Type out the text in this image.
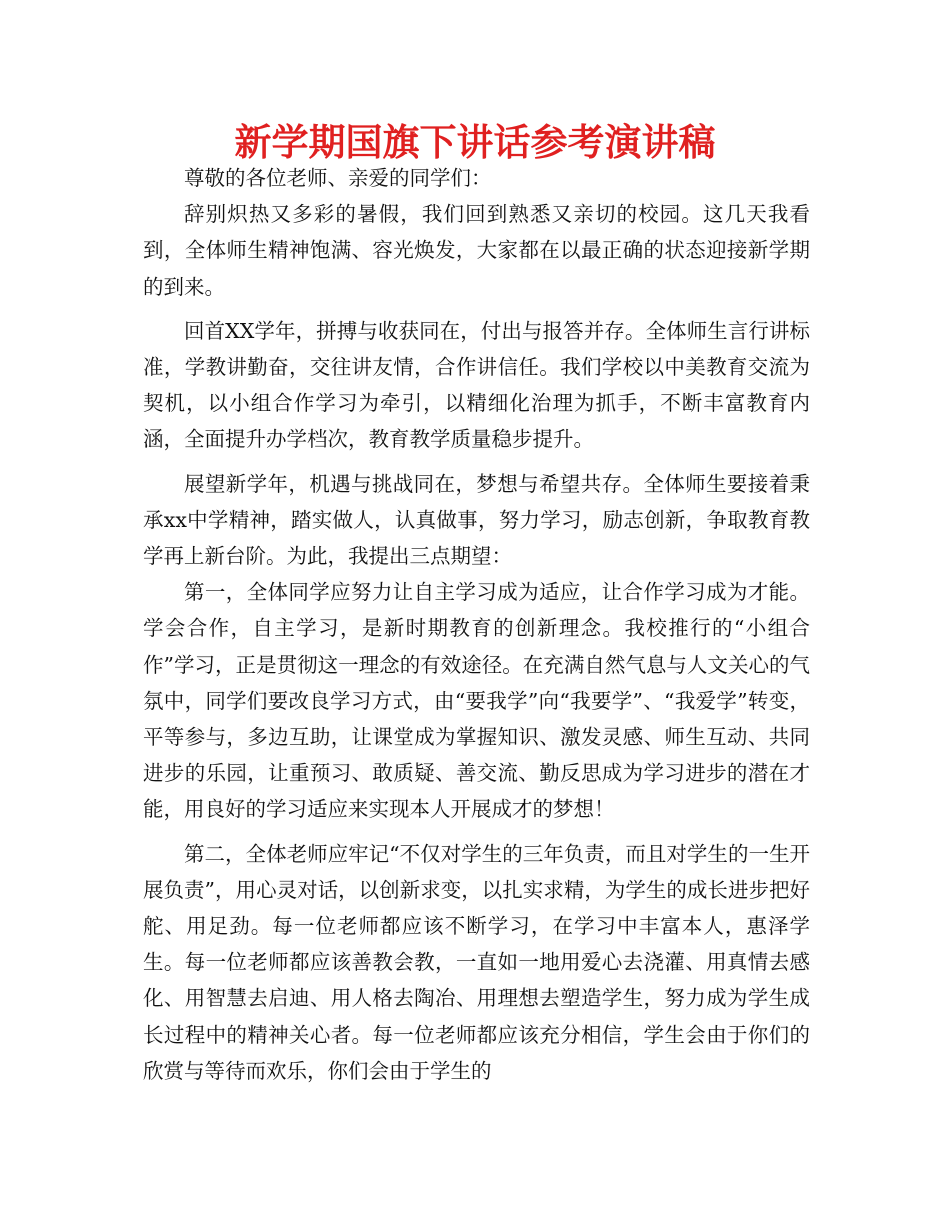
新学期国旗下讲话参考演讲稿

尊敬的各位老师、亲爱的同学们：

辞别炽热又多彩的暑假，我们回到熟悉又亲切的校园。这几天我看到，全体师生精神饱满、容光焕发，大家都在以最正确的状态迎接新学期的到来。

回首XX学年，拼搏与收获同在，付出与报答并存。全体师生言行讲标准，学教讲勤奋，交往讲友情，合作讲信任。我们学校以中美教育交流为契机，以小组合作学习为牵引，以精细化治理为抓手，不断丰富教育内涵，全面提升办学档次，教育教学质量稳步提升。

展望新学年，机遇与挑战同在，梦想与希望共存。全体师生要接着秉承xx中学精神，踏实做人，认真做事，努力学习，励志创新，争取教育教学再上新台阶。为此，我提出三点期望：

第一，全体同学应努力让自主学习成为适应，让合作学习成为才能。学会合作，自主学习，是新时期教育的创新理念。我校推行的“小组合作”学习，正是贯彻这一理念的有效途径。在充满自然气息与人文关心的气氛中，同学们要改良学习方式，由“要我学”向“我要学”、“我爱学”转变，平等参与，多边互助，让课堂成为掌握知识、激发灵感、师生互动、共同进步的乐园，让重预习、敢质疑、善交流、勤反思成为学习进步的潜在才能，用良好的学习适应来实现本人开展成才的梦想！

第二，全体老师应牢记“不仅对学生的三年负责，而且对学生的一生开展负责”，用心灵对话，以创新求变，以扎实求精，为学生的成长进步把好舵、用足劲。每一位老师都应该不断学习，在学习中丰富本人，惠泽学生。每一位老师都应该善教会教，一直如一地用爱心去浇灌、用真情去感化、用智慧去启迪、用人格去陶冶、用理想去塑造学生，努力成为学生成长过程中的精神关心者。每一位老师都应该充分相信，学生会由于你们的欣赏与等待而欢乐，你们会由于学生的
